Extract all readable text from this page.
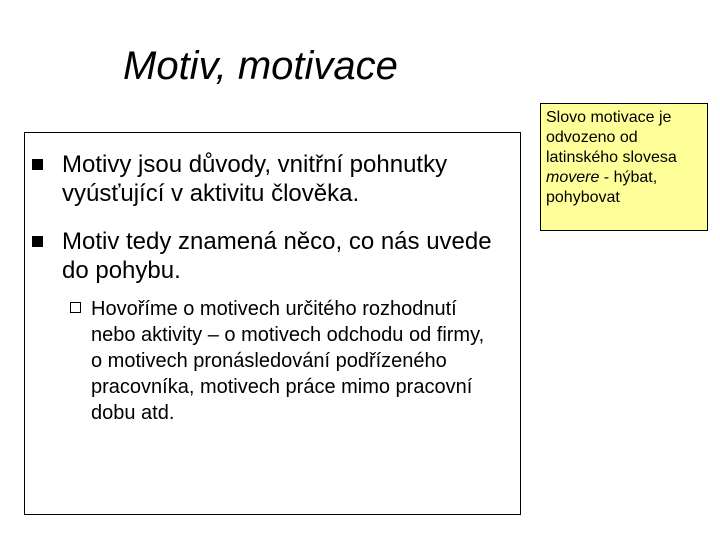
Motiv, motivace
Motivy jsou důvody, vnitřní pohnutky vyúsťující v aktivitu člověka.
Motiv tedy znamená něco, co nás uvede do pohybu.
Hovoříme o motivech určitého rozhodnutí nebo aktivity – o motivech odchodu od firmy, o motivech pronásledování podřízeného pracovníka, motivech práce mimo pracovní dobu atd.
Slovo motivace je odvozeno od latinského slovesa movere - hýbat, pohybovat
